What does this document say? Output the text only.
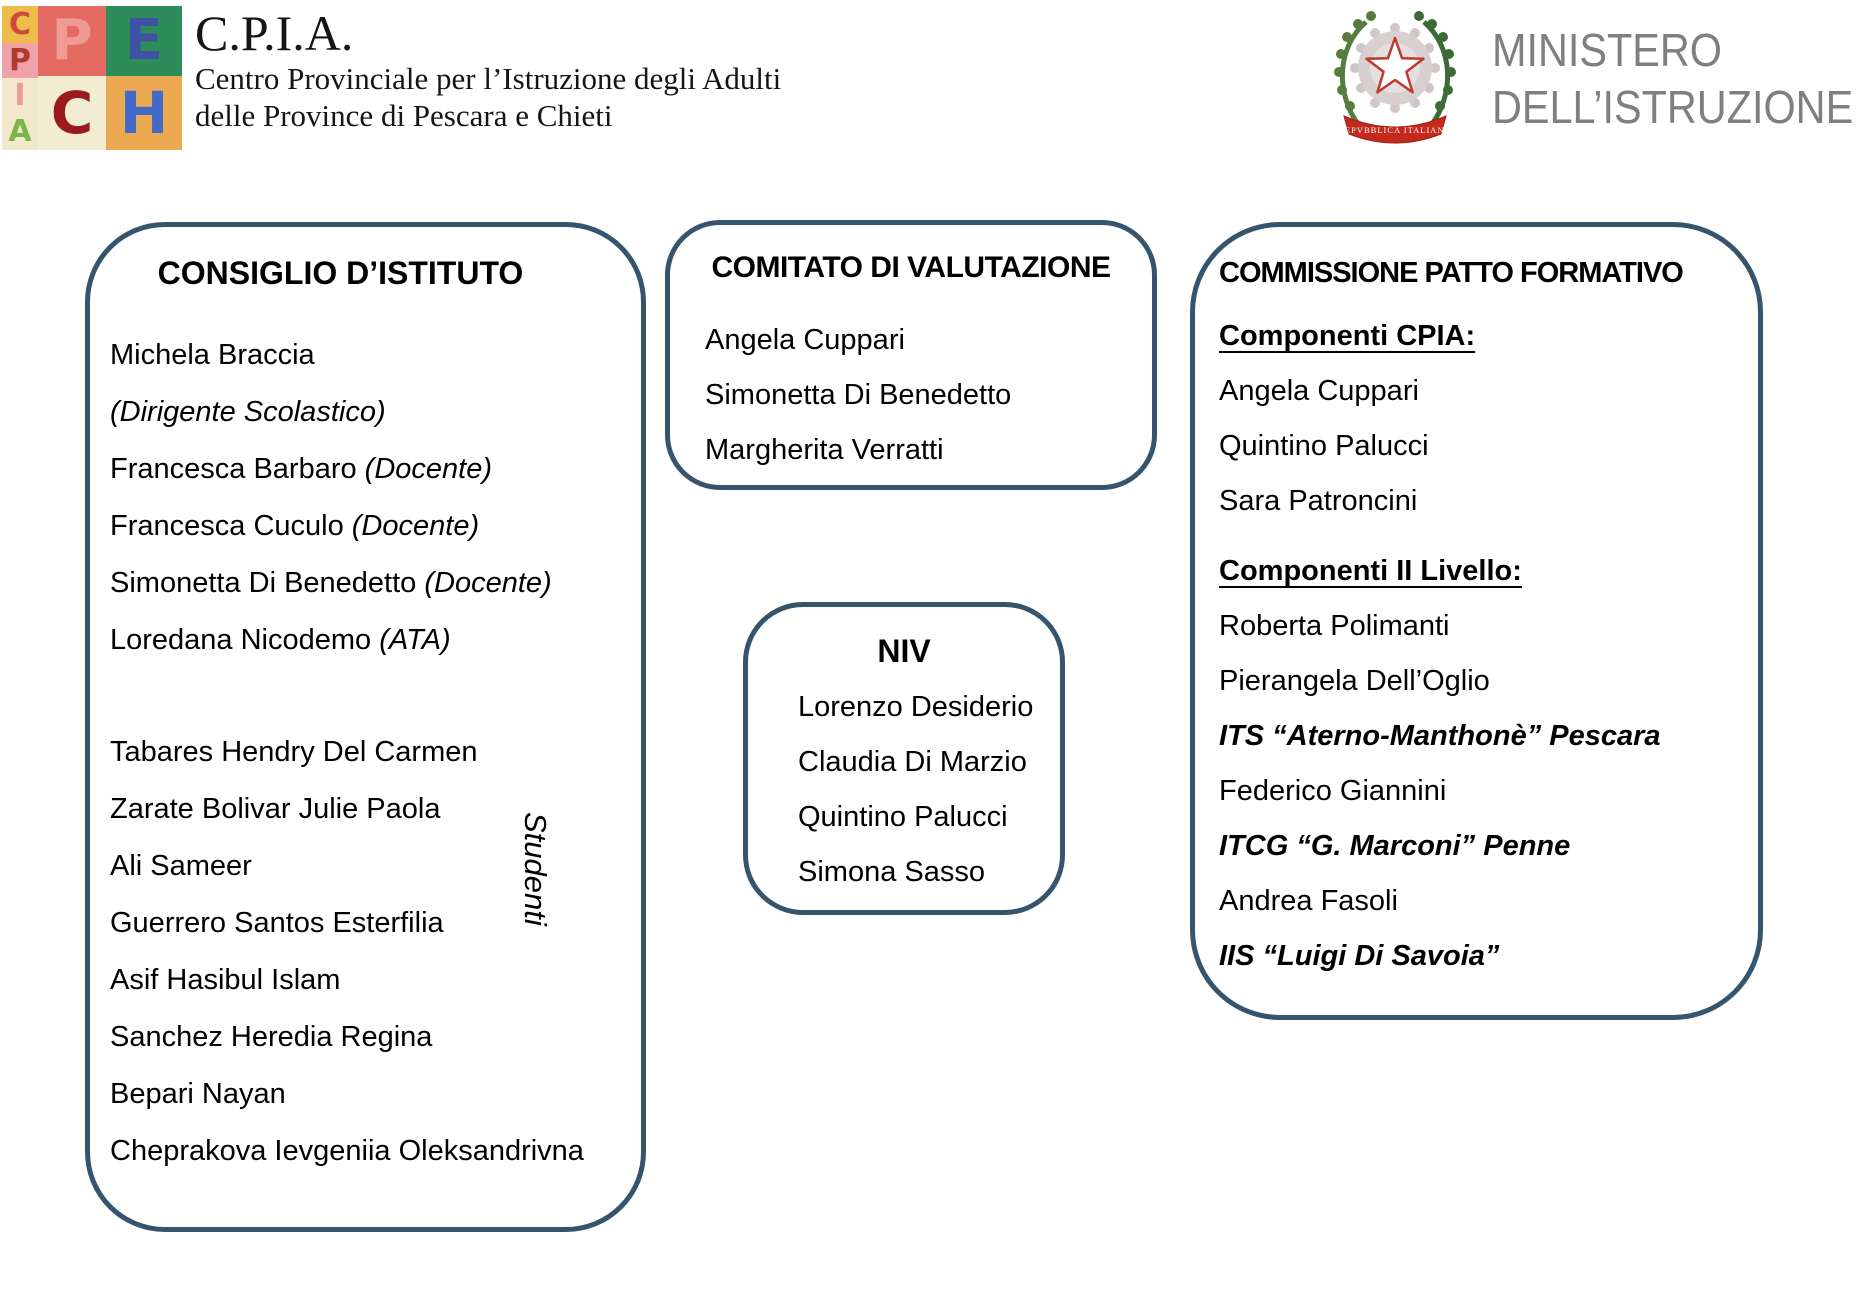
C
P
I
A
P
C
E
H
C.P.I.A.
Centro Provinciale per l’Istruzione degli Adulti
delle Province di Pescara e Chieti	REPVBBLICA ITALIANA
MINISTERO
DELL’ISTRUZIONE
CONSIGLIO D’ISTITUTO
Michela Braccia
(Dirigente Scolastico)
Francesca Barbaro (Docente)
Francesca Cuculo (Docente)
Simonetta Di Benedetto (Docente)
Loredana Nicodemo (ATA)
Tabares Hendry Del Carmen
Zarate Bolivar Julie Paola
Ali Sameer
Guerrero Santos Esterfilia
Asif Hasibul Islam
Sanchez Heredia Regina
Bepari Nayan
Cheprakova Ievgeniia Oleksandrivna
Studenti
COMITATO DI VALUTAZIONE
Angela Cuppari
Simonetta Di Benedetto
Margherita Verratti
NIV
Lorenzo Desiderio
Claudia Di Marzio
Quintino Palucci
Simona Sasso
COMMISSIONE PATTO FORMATIVO
Componenti CPIA:
Angela Cuppari
Quintino Palucci
Sara Patroncini
Componenti II Livello:
Roberta Polimanti
Pierangela Dell’Oglio
ITS “Aterno-Manthonè” Pescara
Federico Giannini
ITCG “G. Marconi” Penne
Andrea Fasoli
IIS “Luigi Di Savoia”
